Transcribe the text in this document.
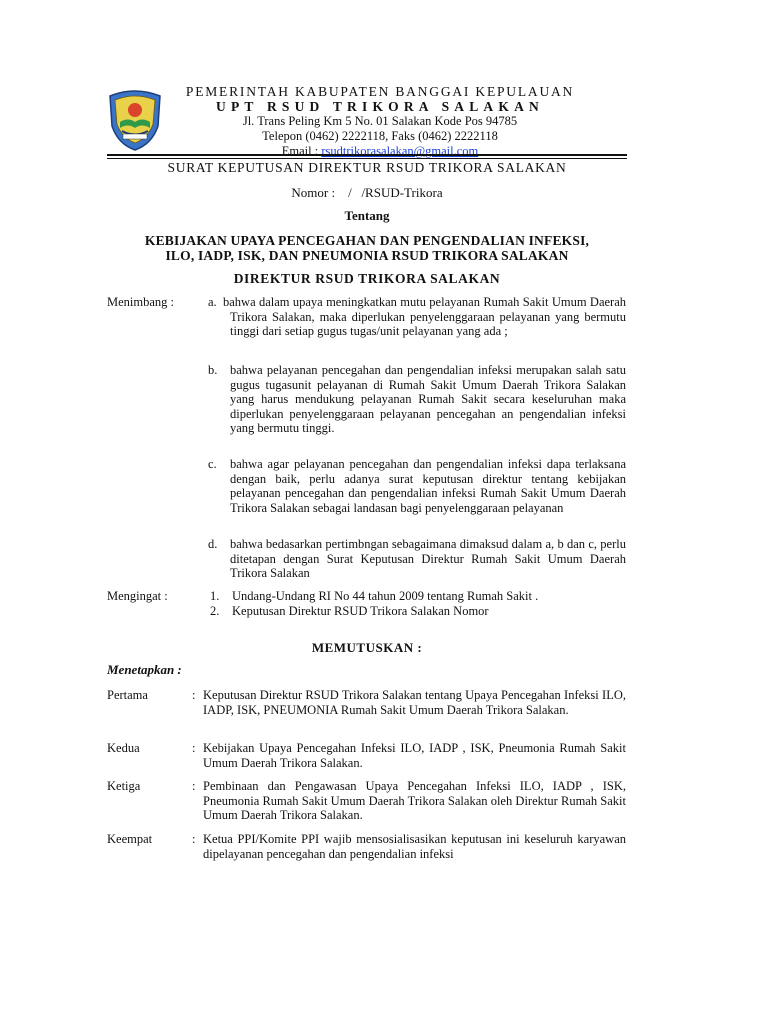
PEMERINTAH KABUPATEN BANGGAI KEPULAUAN
UPT RSUD TRIKORA SALAKAN
Jl. Trans Peling Km 5 No. 01 Salakan Kode Pos 94785
Telepon (0462) 2222118, Faks (0462) 2222118
Email : rsudtrikorasalakan@gmail.com
SURAT KEPUTUSAN DIREKTUR RSUD TRIKORA SALAKAN
Nomor :    /   /RSUD-Trikora
Tentang
KEBIJAKAN UPAYA PENCEGAHAN DAN PENGENDALIAN INFEKSI,
ILO, IADP, ISK, DAN PNEUMONIA RSUD TRIKORA SALAKAN
DIREKTUR RSUD TRIKORA SALAKAN
Menimbang :	a. bahwa dalam upaya meningkatkan mutu pelayanan Rumah Sakit Umum Daerah Trikora Salakan, maka diperlukan penyelenggaraan pelayanan yang bermutu tinggi dari setiap gugus tugas/unit pelayanan yang ada ;
b. bahwa pelayanan pencegahan dan pengendalian infeksi merupakan salah satu gugus tugasunit pelayanan di Rumah Sakit Umum Daerah Trikora Salakan yang harus mendukung pelayanan Rumah Sakit secara keseluruhan maka diperlukan penyelenggaraan pelayanan pencegahan an pengendalian infeksi yang bermutu tinggi.
c. bahwa agar pelayanan pencegahan dan pengendalian infeksi dapa terlaksana dengan baik, perlu adanya surat keputusan direktur tentang kebijakan pelayanan pencegahan dan pengendalian infeksi Rumah Sakit Umum Daerah Trikora Salakan sebagai landasan bagi penyelenggaraan pelayanan
d. bahwa bedasarkan pertimbngan sebagaimana dimaksud dalam a, b dan c, perlu ditetapan dengan Surat Keputusan Direktur Rumah Sakit Umum Daerah Trikora Salakan
Mengingat :	1. Undang-Undang RI No 44 tahun 2009 tentang Rumah Sakit .
2. Keputusan Direktur RSUD Trikora Salakan Nomor
MEMUTUSKAN :
Menetapkan :
Pertama	: Keputusan Direktur RSUD Trikora Salakan tentang Upaya Pencegahan Infeksi ILO, IADP, ISK, PNEUMONIA Rumah Sakit Umum Daerah Trikora Salakan.
Kedua	: Kebijakan Upaya Pencegahan Infeksi ILO, IADP , ISK, Pneumonia Rumah Sakit Umum Daerah Trikora Salakan.
Ketiga	: Pembinaan dan Pengawasan Upaya Pencegahan Infeksi ILO, IADP , ISK, Pneumonia Rumah Sakit Umum Daerah Trikora Salakan oleh Direktur Rumah Sakit Umum Daerah Trikora Salakan.
Keempat	: Ketua PPI/Komite PPI wajib mensosialisasikan keputusan ini keseluruh karyawan dipelayanan pencegahan dan pengendalian infeksi
